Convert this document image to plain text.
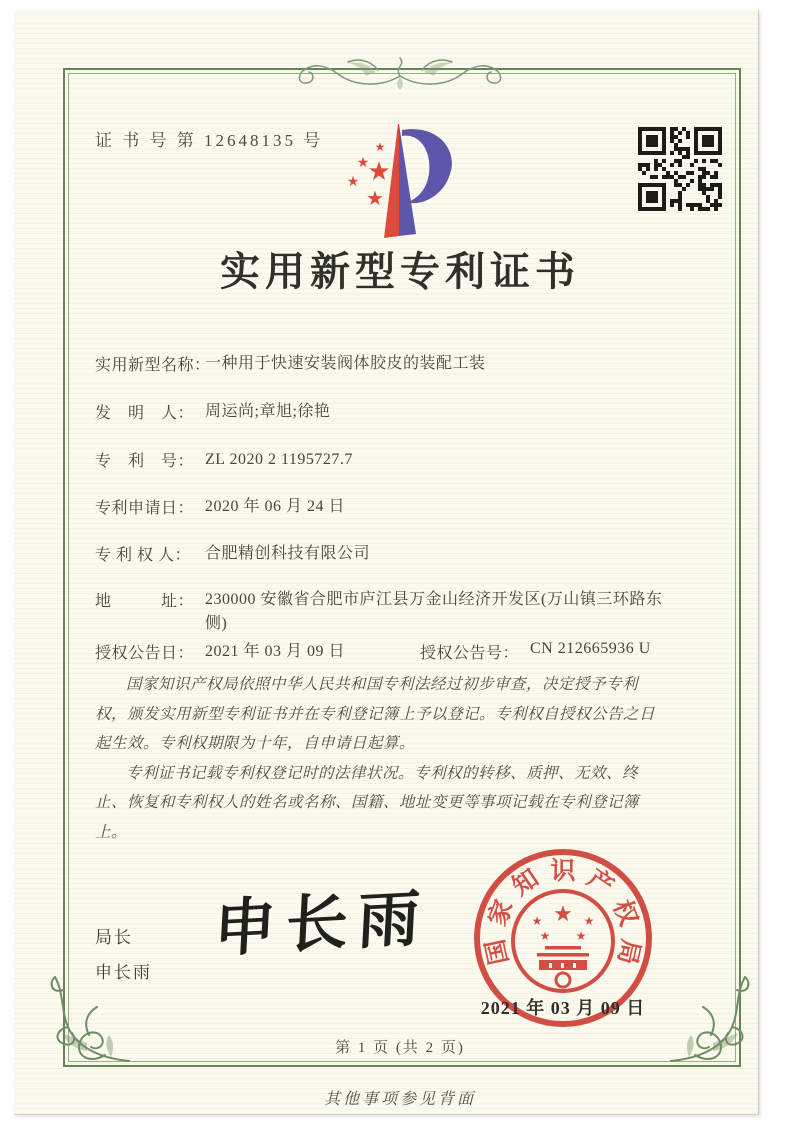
证 书 号 第 12648135 号	★
★
★
★
★
实用新型专利证书
实用新型名称：
一种用于快速安装阀体胶皮的装配工装
发　明　人： 周运尚;章旭;徐艳
专　利　号： ZL 2020 2 1195727.7
专利申请日： 2020 年 06 月 24 日
专 利 权 人： 合肥精创科技有限公司
地　　　址： 230000 安徽省合肥市庐江县万金山经济开发区(万山镇三环路东侧)
授权公告日： 2021 年 03 月 09 日	授权公告号： CN 212665936 U

国家知识产权局依照中华人民共和国专利法经过初步审查，决定授予专利权，颁发实用新型专利证书并在专利登记簿上予以登记。专利权自授权公告之日起生效。专利权期限为十年，自申请日起算。

专利证书记载专利权登记时的法律状况。专利权的转移、质押、无效、终止、恢复和专利权人的姓名或名称、国籍、地址变更等事项记载在专利登记簿上。

局长
申长雨
申长雨	国
家
知 识 产
权
局
★
★	★
★ ★
2021 年 03 月 09 日
第 1 页 (共 2 页)
其他事项参见背面
